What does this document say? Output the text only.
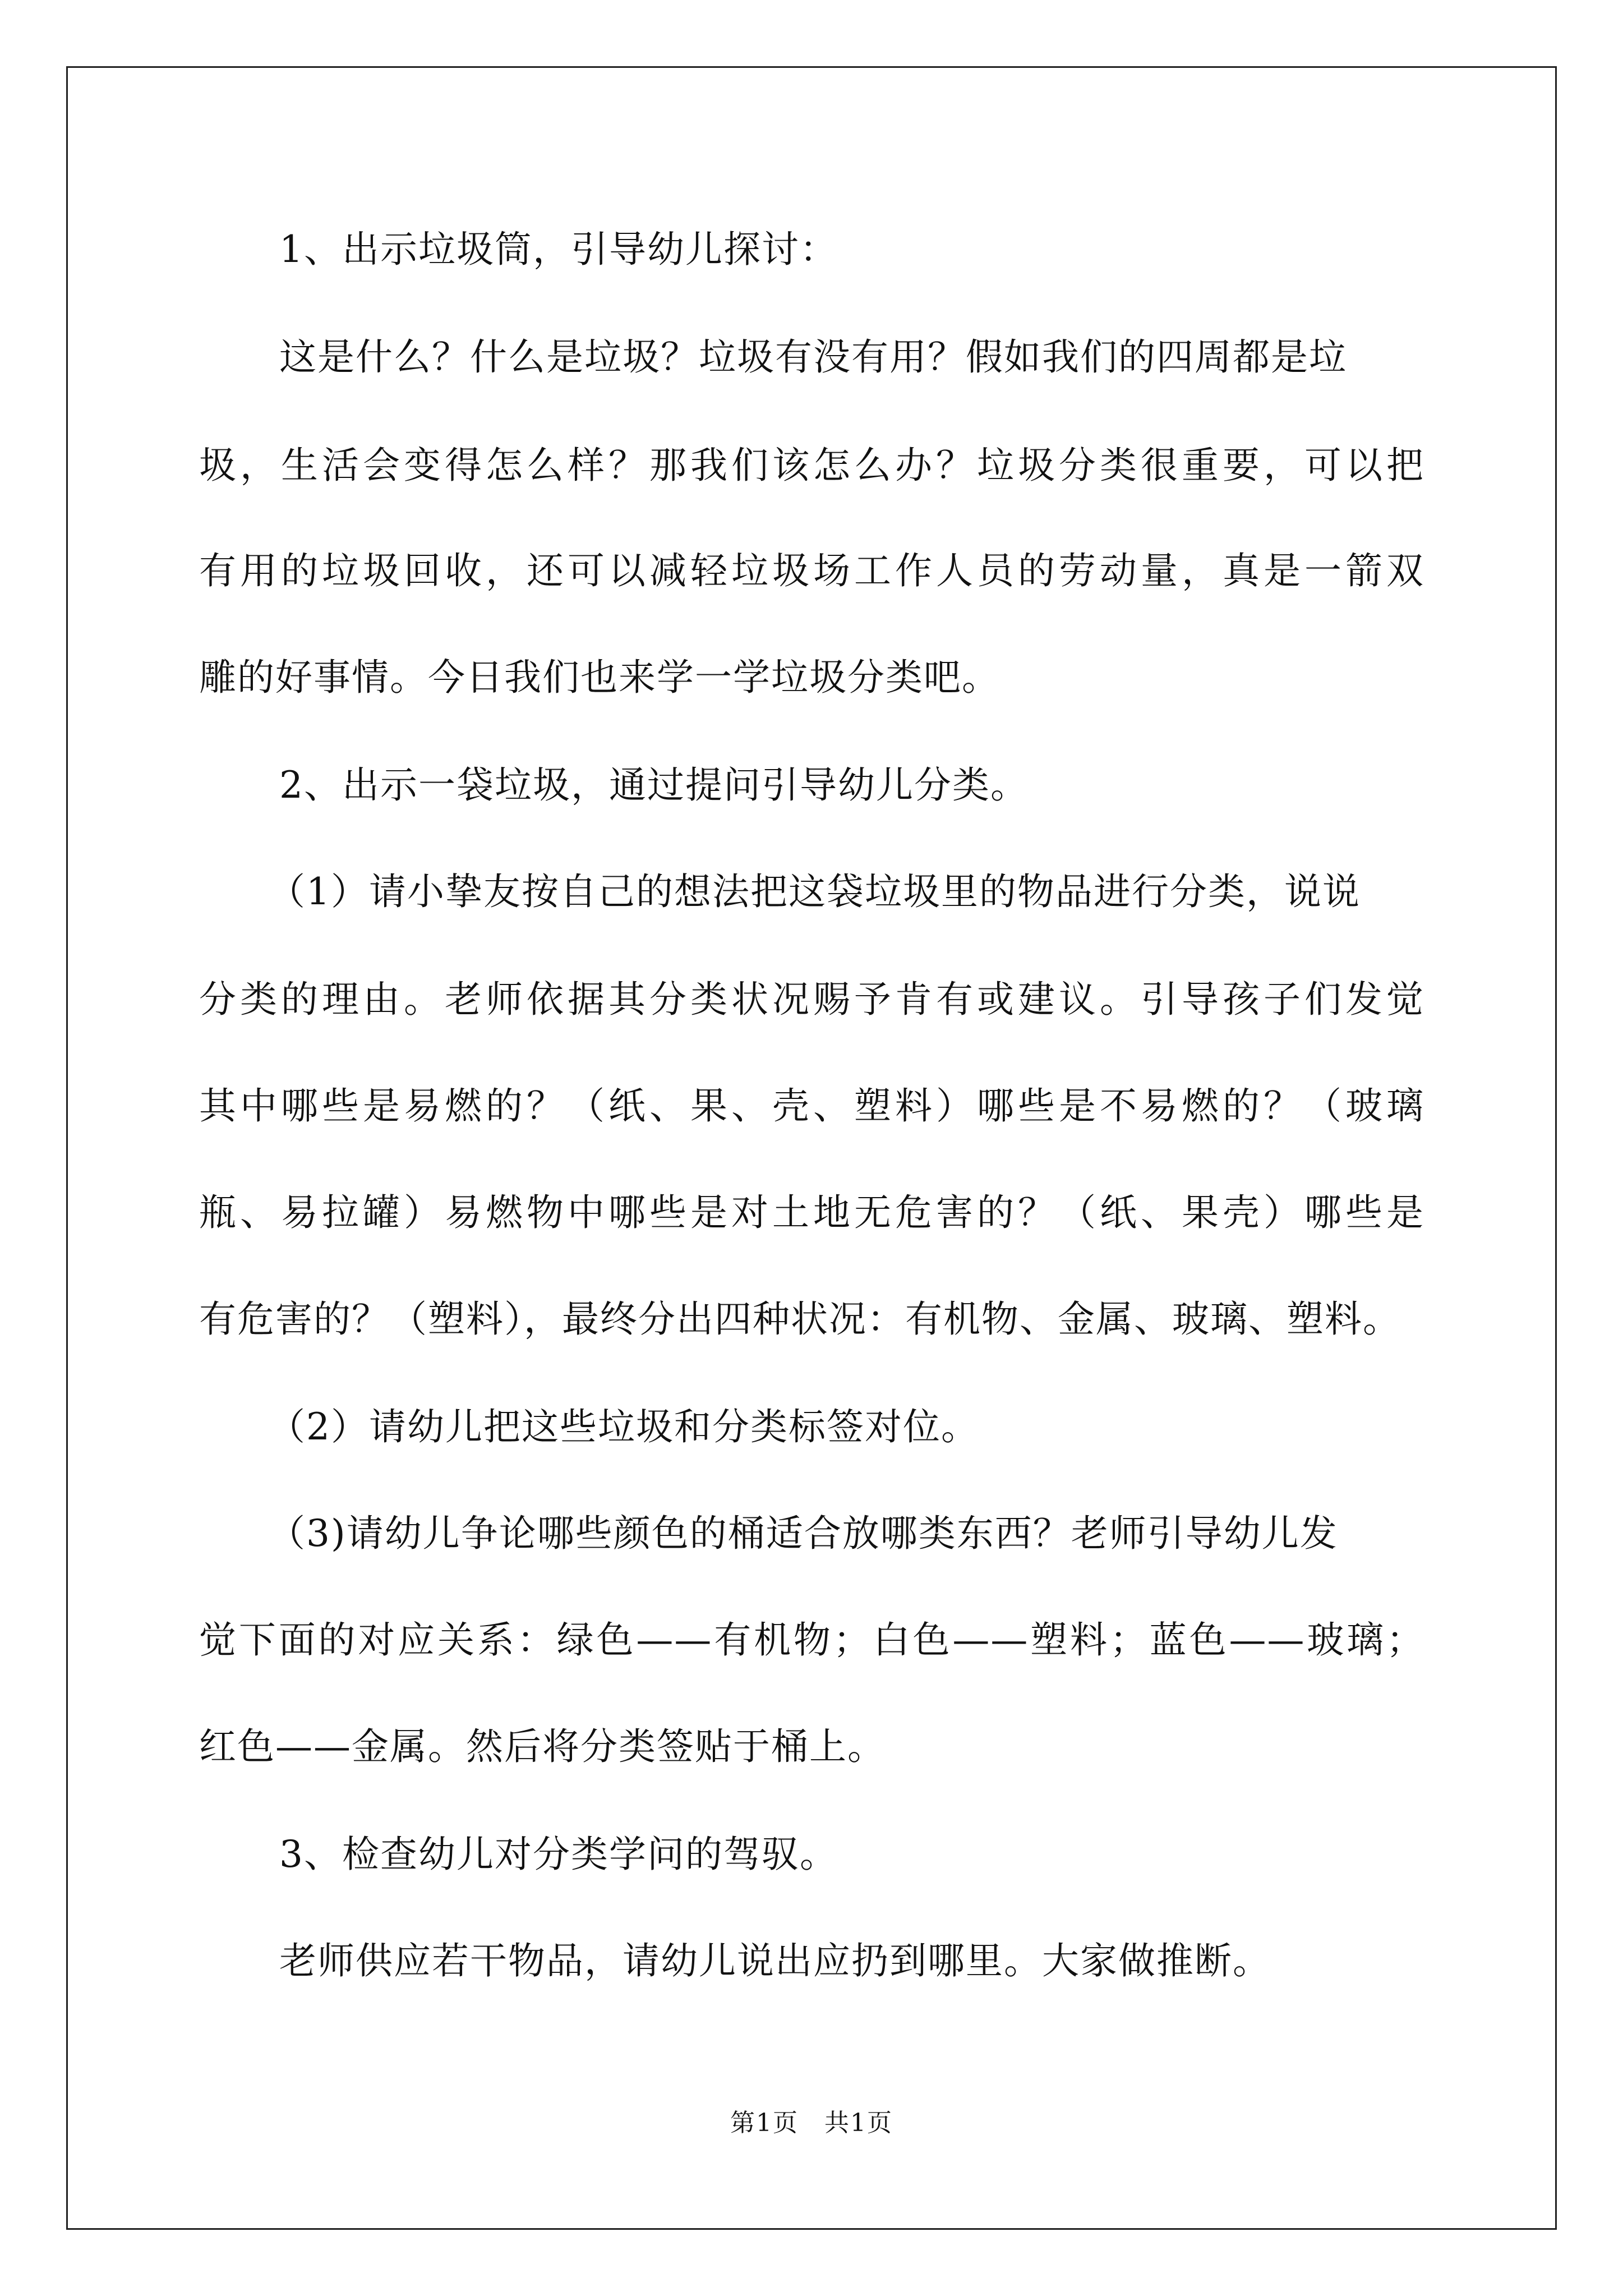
1、出示垃圾筒，引导幼儿探讨：
这是什么？什么是垃圾？垃圾有没有用？假如我们的四周都是垃
圾，生活会变得怎么样？那我们该怎么办？垃圾分类很重要，可以把
有用的垃圾回收，还可以减轻垃圾场工作人员的劳动量，真是一箭双
雕的好事情。今日我们也来学一学垃圾分类吧。
2、出示一袋垃圾，通过提问引导幼儿分类。
（1）请小挚友按自己的想法把这袋垃圾里的物品进行分类，说说
分类的理由。老师依据其分类状况赐予肯有或建议。引导孩子们发觉
其中哪些是易燃的？（纸、果、壳、塑料）哪些是不易燃的？（玻璃
瓶、易拉罐）易燃物中哪些是对土地无危害的？（纸、果壳）哪些是
有危害的？（塑料），最终分出四种状况：有机物、金属、玻璃、塑料。
（2）请幼儿把这些垃圾和分类标签对位。
（3)请幼儿争论哪些颜色的桶适合放哪类东西？老师引导幼儿发
觉下面的对应关系：绿色——有机物；白色——塑料；蓝色——玻璃；
红色——金属。然后将分类签贴于桶上。
3、检查幼儿对分类学问的驾驭。
老师供应若干物品，请幼儿说出应扔到哪里。大家做推断。
第1页　共1页
